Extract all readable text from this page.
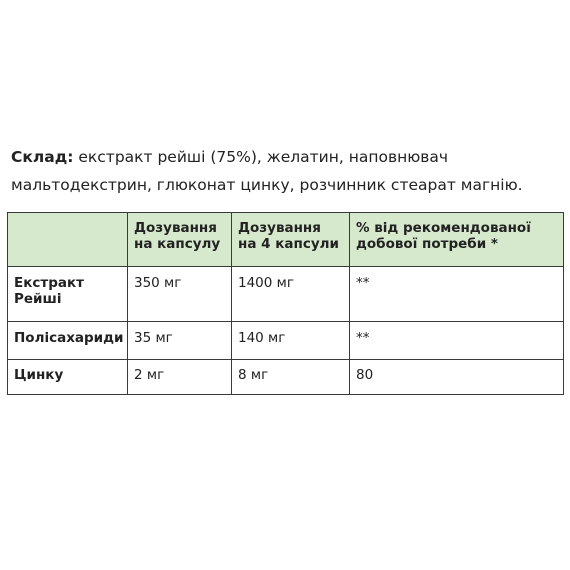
Склад: екстракт рейші (75%), желатин, наповнювач мальтодекстрин, глюконат цинку, розчинник стеарат магнію.
	Дозування на капсулу	Дозування на 4 капсули	% від рекомендованої добової потреби *
Екстракт Рейші	350 мг	1400 мг	**
Полісахариди	35 мг	140 мг	**
Цинку	2 мг	8 мг	80
